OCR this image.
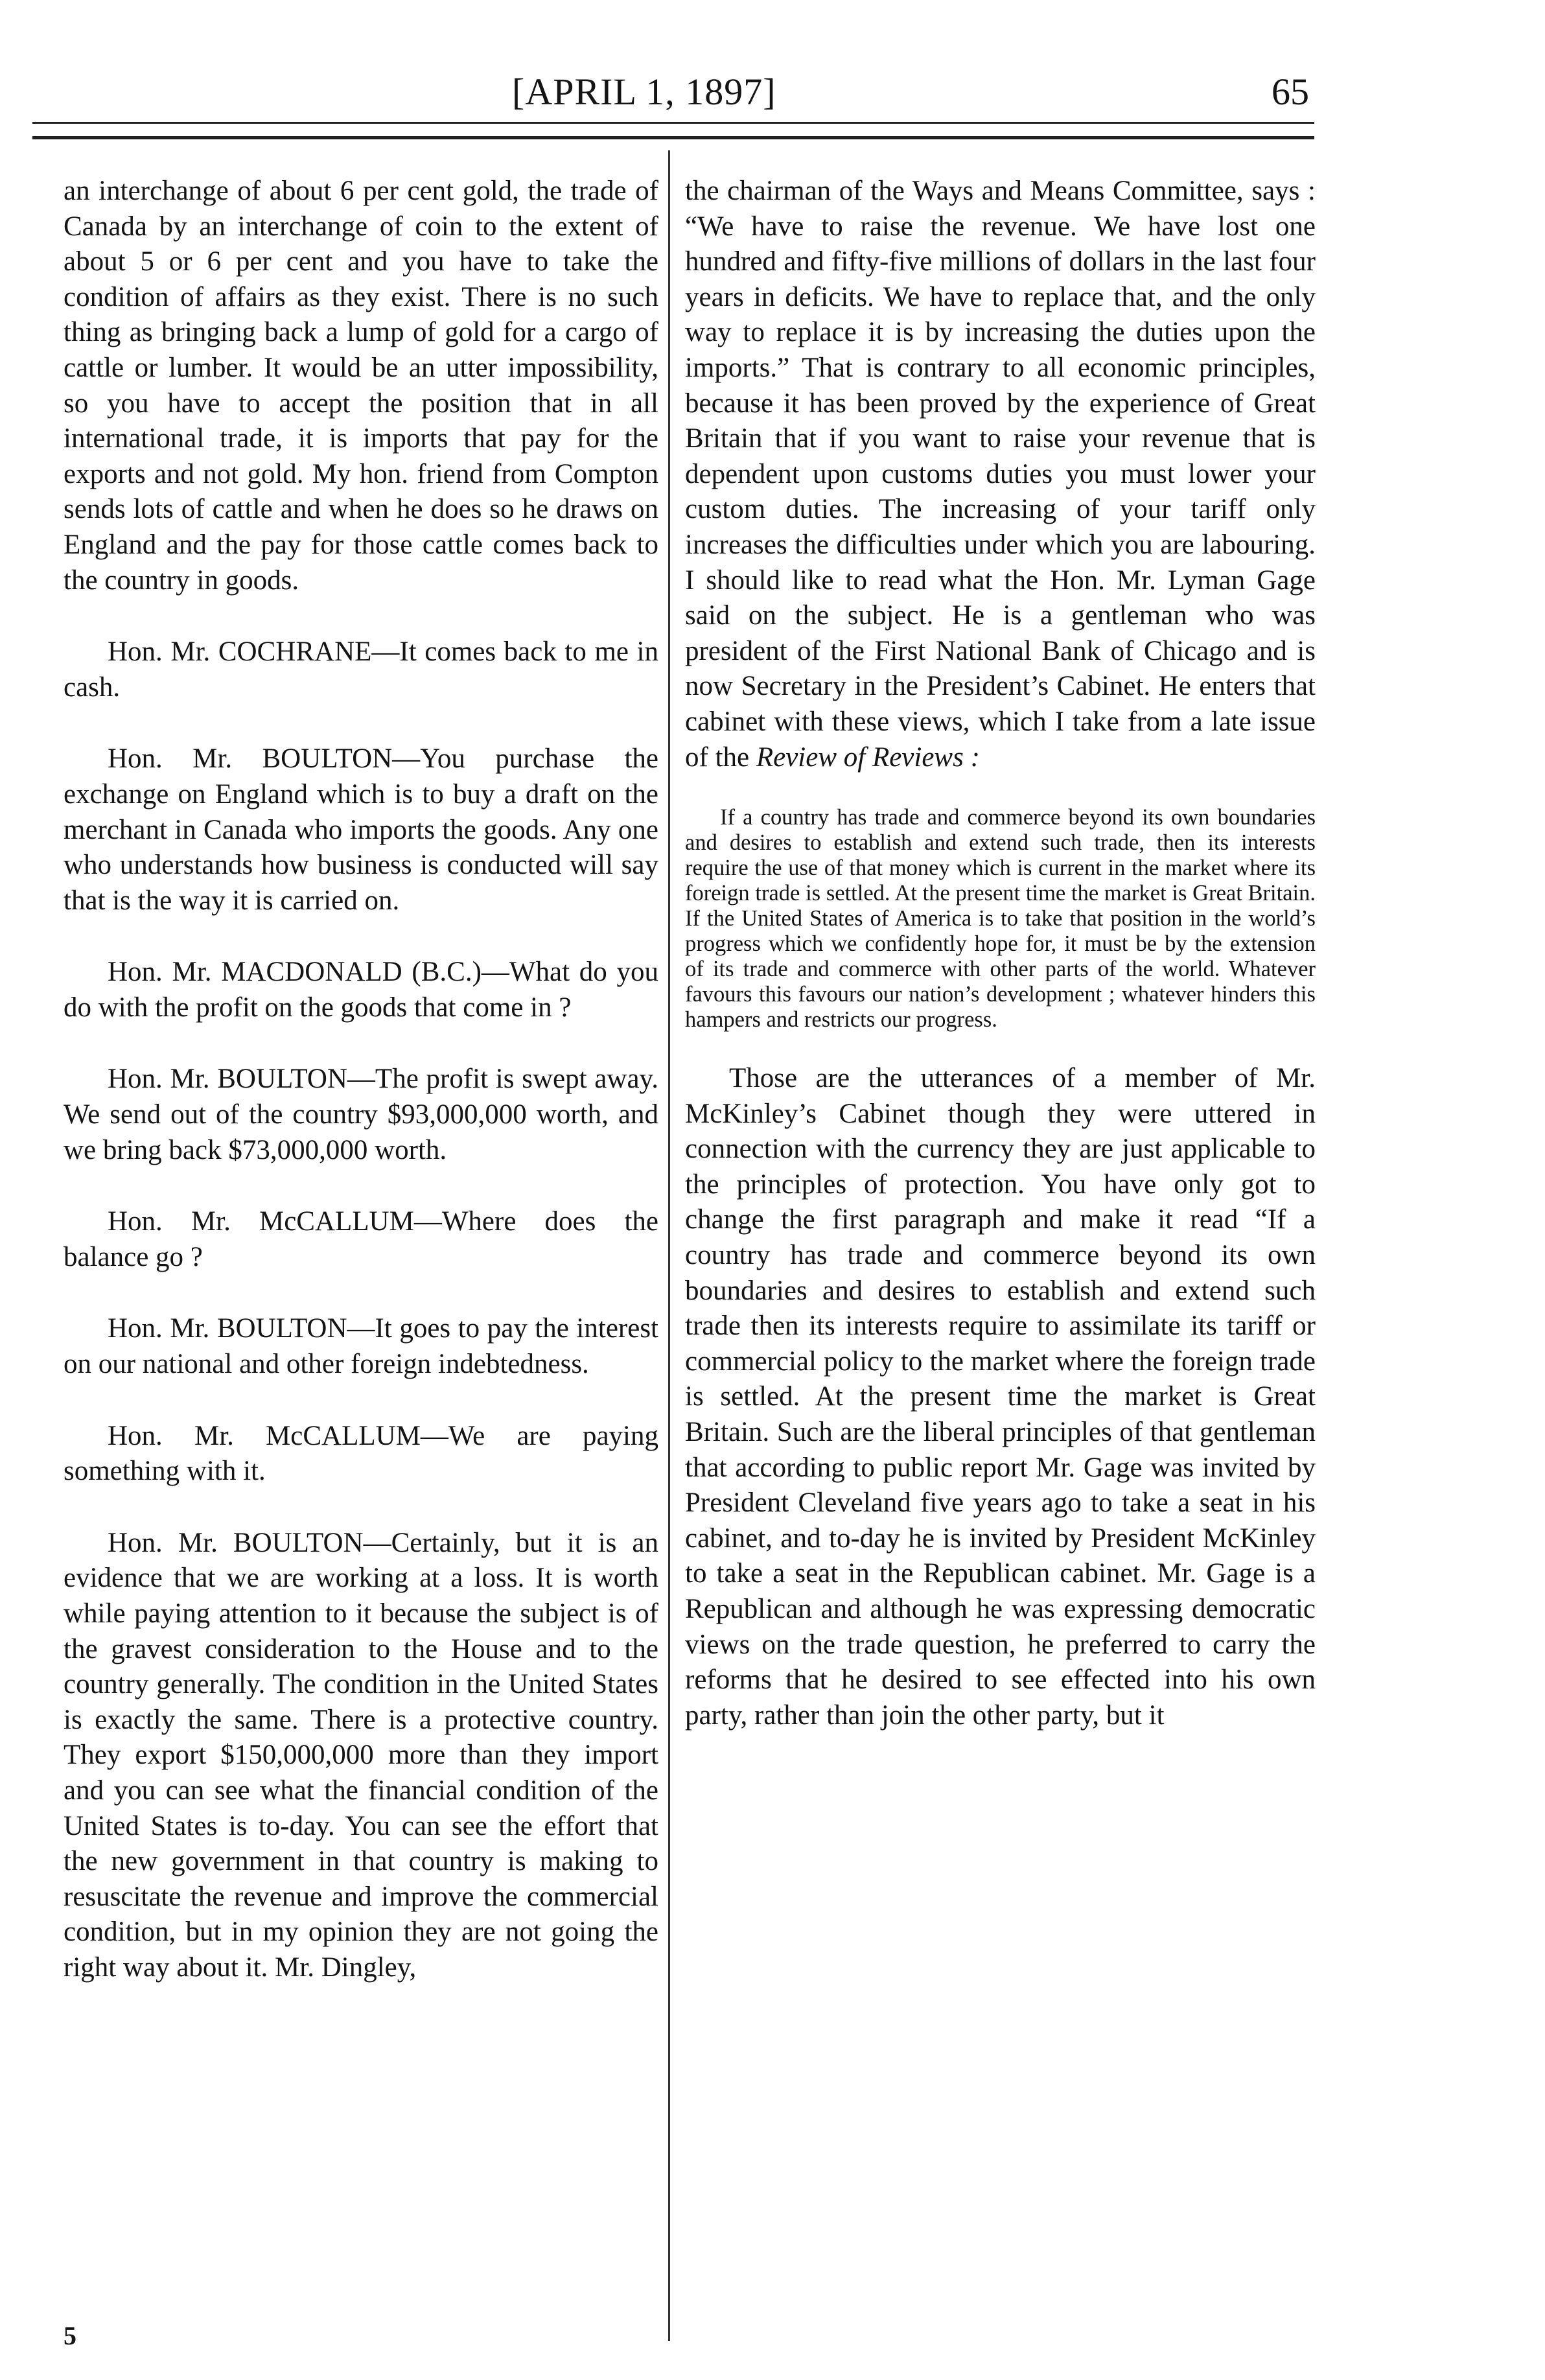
[APRIL 1, 1897]	65

an interchange of about 6 per cent gold, the trade of Canada by an interchange of coin to the extent of about 5 or 6 per cent and you have to take the condition of affairs as they exist. There is no such thing as bringing back a lump of gold for a cargo of cattle or lumber. It would be an utter impossibility, so you have to accept the position that in all international trade, it is imports that pay for the exports and not gold. My hon. friend from Compton sends lots of cattle and when he does so he draws on England and the pay for those cattle comes back to the country in goods.

Hon. Mr. COCHRANE—It comes back to me in cash.

Hon. Mr. BOULTON—You purchase the exchange on England which is to buy a draft on the merchant in Canada who imports the goods. Any one who understands how business is conducted will say that is the way it is carried on.

Hon. Mr. MACDONALD (B.C.)—What do you do with the profit on the goods that come in ?

Hon. Mr. BOULTON—The profit is swept away. We send out of the country $93,000,000 worth, and we bring back $73,000,000 worth.

Hon. Mr. McCALLUM—Where does the balance go ?

Hon. Mr. BOULTON—It goes to pay the interest on our national and other foreign indebtedness.

Hon. Mr. McCALLUM—We are paying something with it.

Hon. Mr. BOULTON—Certainly, but it is an evidence that we are working at a loss. It is worth while paying attention to it because the subject is of the gravest consideration to the House and to the country generally. The condition in the United States is exactly the same. There is a protective country. They export $150,000,000 more than they import and you can see what the financial condition of the United States is to-day. You can see the effort that the new government in that country is making to resuscitate the revenue and improve the commercial condition, but in my opinion they are not going the right way about it. Mr. Dingley,

the chairman of the Ways and Means Committee, says : “We have to raise the revenue. We have lost one hundred and fifty-five millions of dollars in the last four years in deficits. We have to replace that, and the only way to replace it is by increasing the duties upon the imports.” That is contrary to all economic principles, because it has been proved by the experience of Great Britain that if you want to raise your revenue that is dependent upon customs duties you must lower your custom duties. The increasing of your tariff only increases the difficulties under which you are labouring. I should like to read what the Hon. Mr. Lyman Gage said on the subject. He is a gentleman who was president of the First National Bank of Chicago and is now Secretary in the President’s Cabinet. He enters that cabinet with these views, which I take from a late issue of the Review of Reviews :

If a country has trade and commerce beyond its own boundaries and desires to establish and extend such trade, then its interests require the use of that money which is current in the market where its foreign trade is settled. At the present time the market is Great Britain. If the United States of America is to take that position in the world’s progress which we confidently hope for, it must be by the extension of its trade and commerce with other parts of the world. Whatever favours this favours our nation’s development ; whatever hinders this hampers and restricts our progress.

Those are the utterances of a member of Mr. McKinley’s Cabinet though they were uttered in connection with the currency they are just applicable to the principles of protection. You have only got to change the first paragraph and make it read “If a country has trade and commerce beyond its own boundaries and desires to establish and extend such trade then its interests require to assimilate its tariff or commercial policy to the market where the foreign trade is settled. At the present time the market is Great Britain. Such are the liberal principles of that gentleman that according to public report Mr. Gage was invited by President Cleveland five years ago to take a seat in his cabinet, and to-day he is invited by President McKinley to take a seat in the Republican cabinet. Mr. Gage is a Republican and although he was expressing democratic views on the trade question, he preferred to carry the reforms that he desired to see effected into his own party, rather than join the other party, but it

5
